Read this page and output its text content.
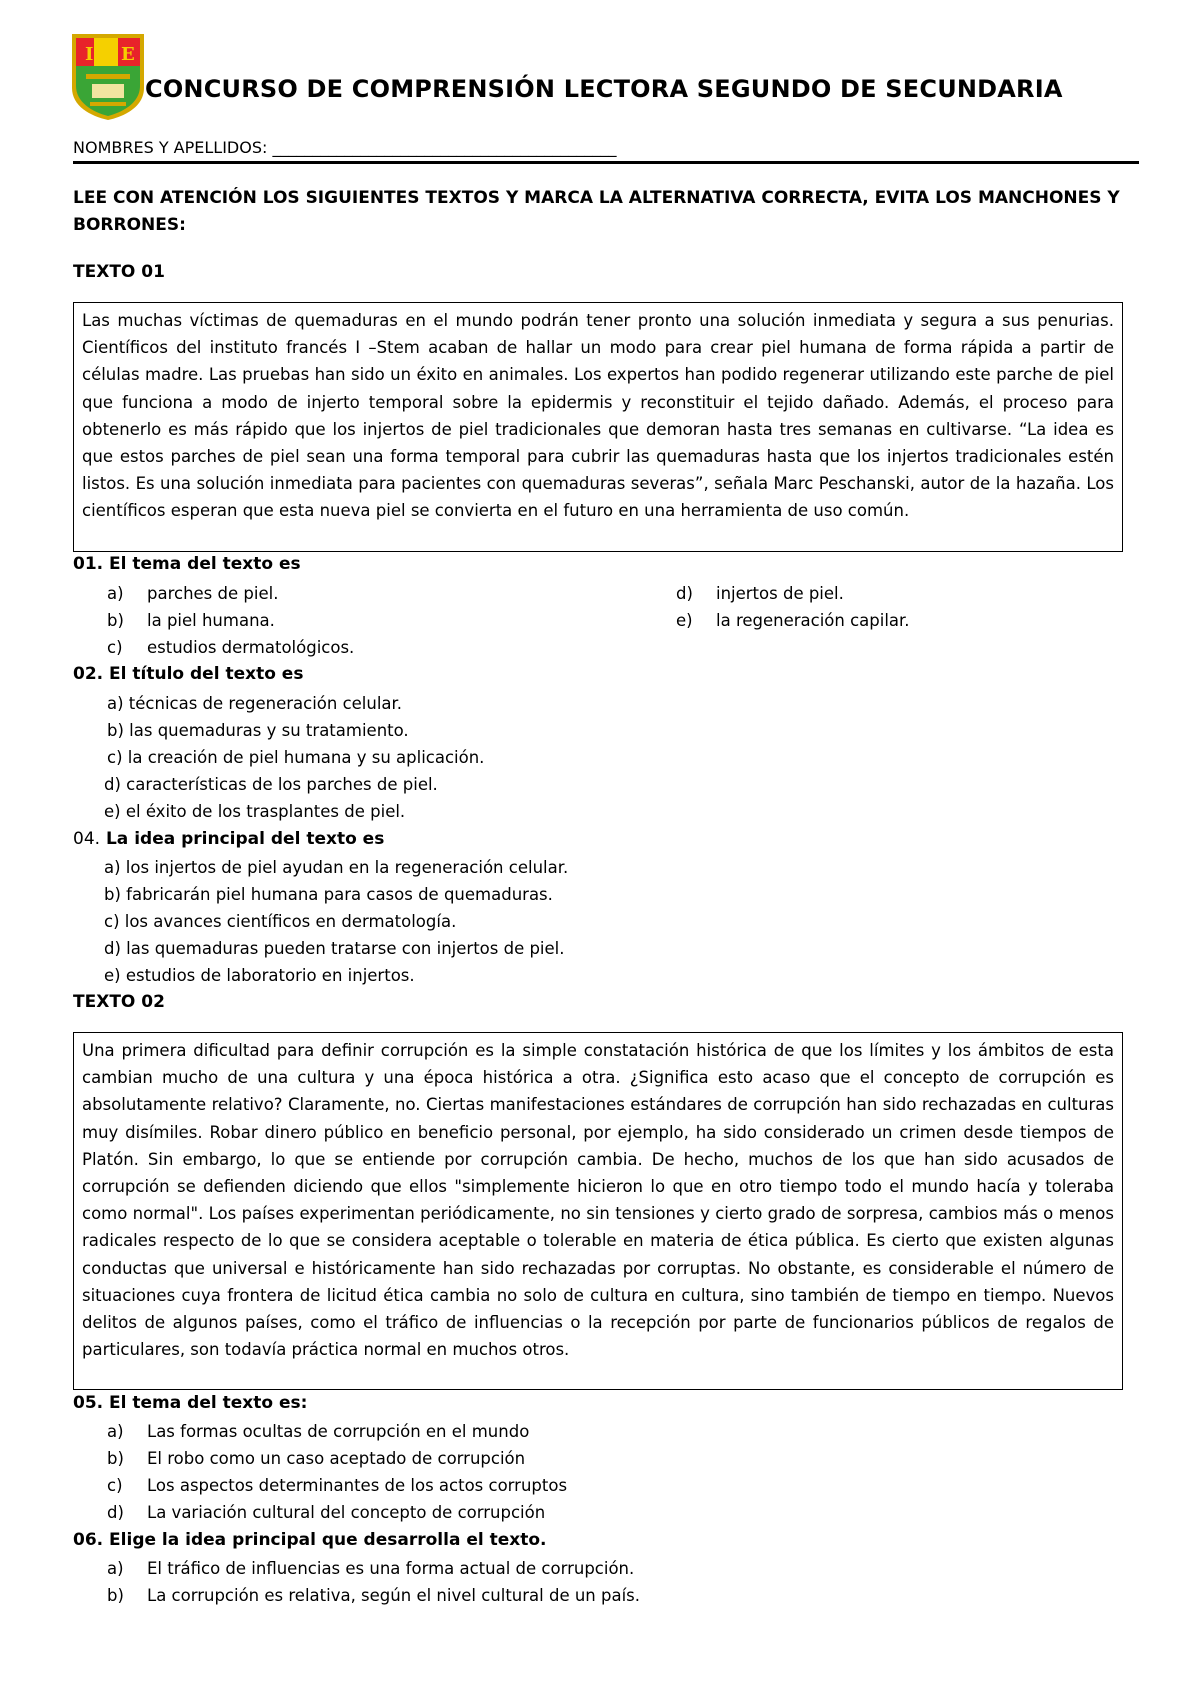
I E
CONCURSO DE COMPRENSIÓN LECTORA SEGUNDO DE SECUNDARIA
NOMBRES Y APELLIDOS: ___________________________________________
LEE CON ATENCIÓN LOS SIGUIENTES TEXTOS Y MARCA LA ALTERNATIVA CORRECTA, EVITA LOS MANCHONES Y BORRONES:
TEXTO 01
Las muchas víctimas de quemaduras en el mundo podrán tener pronto una solución inmediata y segura a sus penurias. Científicos del instituto francés I –Stem acaban de hallar un modo para crear piel humana de forma rápida a partir de células madre. Las pruebas han sido un éxito en animales. Los expertos han podido regenerar utilizando este parche de piel que funciona a modo de injerto temporal sobre la epidermis y reconstituir el tejido dañado. Además, el proceso para obtenerlo es más rápido que los injertos de piel tradicionales que demoran hasta tres semanas en cultivarse. “La idea es que estos parches de piel sean una forma temporal para cubrir las quemaduras hasta que los injertos tradicionales estén listos. Es una solución inmediata para pacientes con quemaduras severas”, señala Marc Peschanski, autor de la hazaña. Los científicos esperan que esta nueva piel se convierta en el futuro en una herramienta de uso común.
01. El tema del texto es
a) parches de piel.
b) la piel humana.
c) estudios dermatológicos.
d) injertos de piel.
e) la regeneración capilar.
02. El título del texto es
a) técnicas de regeneración celular.
b) las quemaduras y su tratamiento.
c) la creación de piel humana y su aplicación.
d) características de los parches de piel.
e) el éxito de los trasplantes de piel.
04. La idea principal del texto es
a) los injertos de piel ayudan en la regeneración celular.
b) fabricarán piel humana para casos de quemaduras.
c) los avances científicos en dermatología.
d) las quemaduras pueden tratarse con injertos de piel.
e) estudios de laboratorio en injertos.
TEXTO 02
Una primera dificultad para definir corrupción es la simple constatación histórica de que los límites y los ámbitos de esta cambian mucho de una cultura y una época histórica a otra. ¿Significa esto acaso que el concepto de corrupción es absolutamente relativo? Claramente, no. Ciertas manifestaciones estándares de corrupción han sido rechazadas en culturas muy disímiles. Robar dinero público en beneficio personal, por ejemplo, ha sido considerado un crimen desde tiempos de Platón. Sin embargo, lo que se entiende por corrupción cambia. De hecho, muchos de los que han sido acusados de corrupción se defienden diciendo que ellos "simplemente hicieron lo que en otro tiempo todo el mundo hacía y toleraba como normal". Los países experimentan periódicamente, no sin tensiones y cierto grado de sorpresa, cambios más o menos radicales respecto de lo que se considera aceptable o tolerable en materia de ética pública. Es cierto que existen algunas conductas que universal e históricamente han sido rechazadas por corruptas. No obstante, es considerable el número de situaciones cuya frontera de licitud ética cambia no solo de cultura en cultura, sino también de tiempo en tiempo. Nuevos delitos de algunos países, como el tráfico de influencias o la recepción por parte de funcionarios públicos de regalos de particulares, son todavía práctica normal en muchos otros.
05. El tema del texto es:
a) Las formas ocultas de corrupción en el mundo
b) El robo como un caso aceptado de corrupción
c) Los aspectos determinantes de los actos corruptos
d) La variación cultural del concepto de corrupción
06. Elige la idea principal que desarrolla el texto.
a) El tráfico de influencias es una forma actual de corrupción.
b) La corrupción es relativa, según el nivel cultural de un país.
